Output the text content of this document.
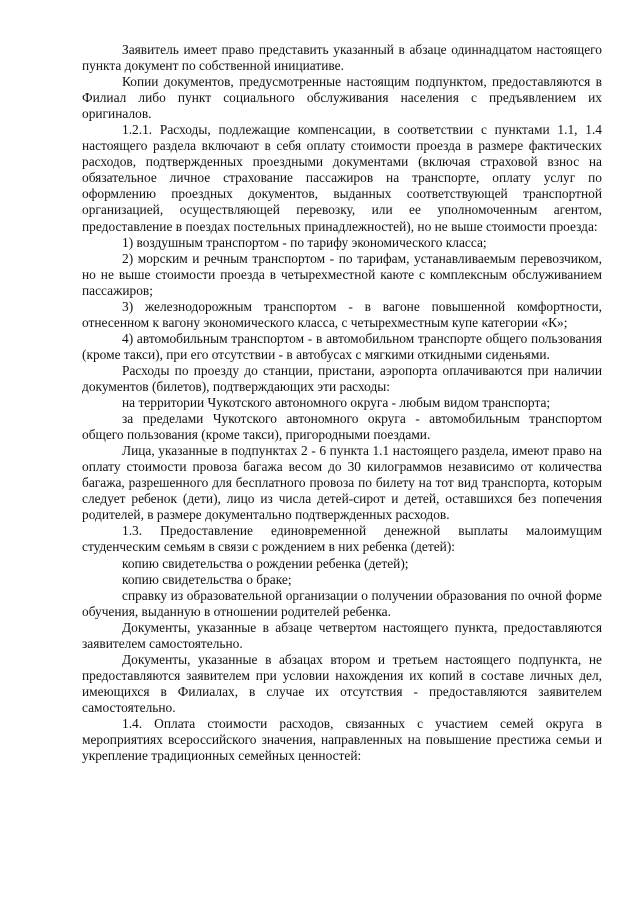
Заявитель имеет право представить указанный в абзаце одиннадцатом настоящего пункта документ по собственной инициативе.

Копии документов, предусмотренные настоящим подпунктом, предоставляются в Филиал либо пункт социального обслуживания населения с предъявлением их оригиналов.

1.2.1. Расходы, подлежащие компенсации, в соответствии с пунктами 1.1, 1.4 настоящего раздела включают в себя оплату стоимости проезда в размере фактических расходов, подтвержденных проездными документами (включая страховой взнос на обязательное личное страхование пассажиров на транспорте, оплату услуг по оформлению проездных документов, выданных соответствующей транспортной организацией, осуществляющей перевозку, или ее уполномоченным агентом, предоставление в поездах постельных принадлежностей), но не выше стоимости проезда:

1) воздушным транспортом - по тарифу экономического класса;

2) морским и речным транспортом - по тарифам, устанавливаемым перевозчиком, но не выше стоимости проезда в четырехместной каюте с комплексным обслуживанием пассажиров;

3) железнодорожным транспортом - в вагоне повышенной комфортности, отнесенном к вагону экономического класса, с четырехместным купе категории «К»;

4) автомобильным транспортом - в автомобильном транспорте общего пользования (кроме такси), при его отсутствии - в автобусах с мягкими откидными сиденьями.

Расходы по проезду до станции, пристани, аэропорта оплачиваются при наличии документов (билетов), подтверждающих эти расходы:

на территории Чукотского автономного округа - любым видом транспорта;

за пределами Чукотского автономного округа - автомобильным транспортом общего пользования (кроме такси), пригородными поездами.

Лица, указанные в подпунктах 2 - 6 пункта 1.1 настоящего раздела, имеют право на оплату стоимости провоза багажа весом до 30 килограммов независимо от количества багажа, разрешенного для бесплатного провоза по билету на тот вид транспорта, которым следует ребенок (дети), лицо из числа детей-сирот и детей, оставшихся без попечения родителей, в размере документально подтвержденных расходов.

1.3. Предоставление единовременной денежной выплаты малоимущим студенческим семьям в связи с рождением в них ребенка (детей):

копию свидетельства о рождении ребенка (детей);

копию свидетельства о браке;

справку из образовательной организации о получении образования по очной форме обучения, выданную в отношении родителей ребенка.

Документы, указанные в абзаце четвертом настоящего пункта, предоставляются заявителем самостоятельно.

Документы, указанные в абзацах втором и третьем настоящего подпункта, не предоставляются заявителем при условии нахождения их копий в составе личных дел, имеющихся в Филиалах, в случае их отсутствия - предоставляются заявителем самостоятельно.

1.4. Оплата стоимости расходов, связанных с участием семей округа в мероприятиях всероссийского значения, направленных на повышение престижа семьи и укрепление традиционных семейных ценностей:
